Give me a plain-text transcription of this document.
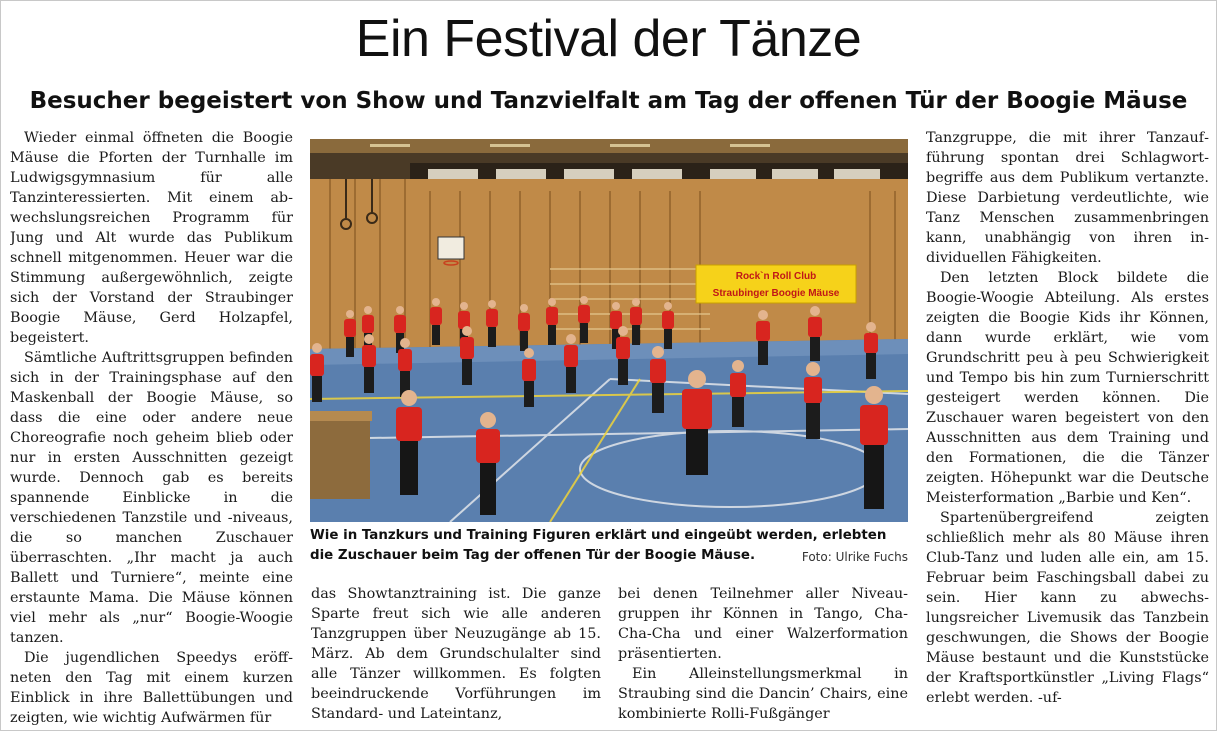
Ein Festival der Tänze
Besucher begeistert von Show und Tanzvielfalt am Tag der offenen Tür der Boogie Mäuse

Wieder einmal öffneten die Boogie Mäuse die Pforten der Turnhalle im Ludwigsgymnasium für alle Tanzinteressierten. Mit einem abwechslungsreichen Programm für Jung und Alt wurde das Publikum schnell mitgenommen. Heuer war die Stimmung außergewöhnlich, zeigte sich der Vorstand der Straubinger Boogie Mäuse, Gerd Holzapfel, begeistert.

Sämtliche Auftrittsgruppen befinden sich in der Trainingsphase auf den Maskenball der Boogie Mäuse, so dass die eine oder andere neue Choreografie noch geheim blieb oder nur in ersten Ausschnitten gezeigt wurde. Dennoch gab es bereits spannende Einblicke in die verschiedenen Tanzstile und -niveaus, die so manchen Zuschauer überraschten. „Ihr macht ja auch Ballett und Turniere“, meinte eine erstaunte Mama. Die Mäuse können viel mehr als „nur“ Boogie-Woogie tanzen.

Die jugendlichen Speedys eröffneten den Tag mit einem kurzen Einblick in ihre Ballettübungen und zeigten, wie wichtig Aufwärmen für

Rock`n Roll Club
Straubinger Boogie Mäuse
Wie in Tanzkurs und Training Figuren erklärt und eingeübt werden, erlebten die Zuschauer beim Tag der offenen Tür der Boogie Mäuse.	Foto: Ulrike Fuchs

das Showtanztraining ist. Die ganze Sparte freut sich wie alle anderen Tanzgruppen über Neuzugänge ab 15. März. Ab dem Grundschulalter sind alle Tänzer willkommen. Es folgten beeindruckende Vorführungen im Standard- und Lateintanz,

bei denen Teilnehmer aller Niveaugruppen ihr Können in Tango, Cha-Cha-Cha und einer Walzerformation präsentierten.

Ein Alleinstellungsmerkmal in Straubing sind die Dancin’ Chairs, eine kombinierte Rolli-Fußgänger

Tanzgruppe, die mit ihrer Tanzaufführung spontan drei Schlagwortbegriffe aus dem Publikum vertanzte. Diese Darbietung verdeutlichte, wie Tanz Menschen zusammenbringen kann, unabhängig von ihren individuellen Fähigkeiten.

Den letzten Block bildete die Boogie-Woogie Abteilung. Als erstes zeigten die Boogie Kids ihr Können, dann wurde erklärt, wie vom Grundschritt peu à peu Schwierigkeit und Tempo bis hin zum Turnierschritt gesteigert werden können. Die Zuschauer waren begeistert von den Ausschnitten aus dem Training und den Formationen, die die Tänzer zeigten. Höhepunkt war die Deutsche Meisterformation „Barbie und Ken“.

Spartenübergreifend zeigten schließlich mehr als 80 Mäuse ihren Club-Tanz und luden alle ein, am 15. Februar beim Faschingsball dabei zu sein. Hier kann zu abwechslungsreicher Livemusik das Tanzbein geschwungen, die Shows der Boogie Mäuse bestaunt und die Kunststücke der Kraftsportkünstler „Living Flags“ erlebt werden. -uf-
